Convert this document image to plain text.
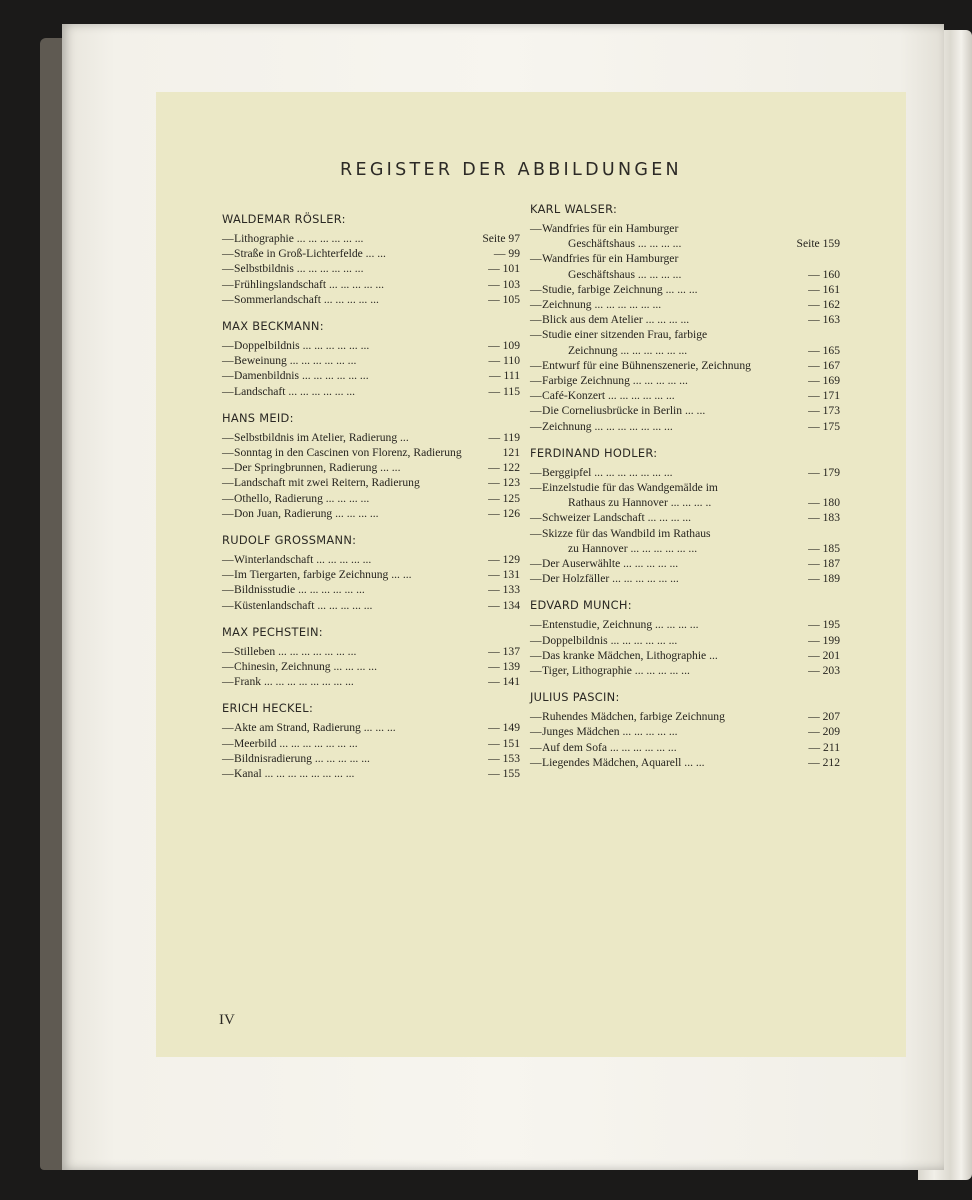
REGISTER DER ABBILDUNGEN
WALDEMAR RÖSLER:
— Lithographie ... ... ... ... ... ...	Seite 97
— Straße in Groß-Lichterfelde ... ...	— 99
— Selbstbildnis ... ... ... ... ... ...	— 101
— Frühlingslandschaft ... ... ... ... ...	— 103
— Sommerlandschaft ... ... ... ... ...	— 105
MAX BECKMANN:
— Doppelbildnis ... ... ... ... ... ...	— 109
— Beweinung ... ... ... ... ... ...	— 110
— Damenbildnis ... ... ... ... ... ...	— 111
— Landschaft ... ... ... ... ... ...	— 115
HANS MEID:
— Selbstbildnis im Atelier, Radierung ...	— 119
— Sonntag in den Cascinen von Florenz, Radierung	121
— Der Springbrunnen, Radierung ... ...	— 122
— Landschaft mit zwei Reitern, Radierung	— 123
— Othello, Radierung ... ... ... ...	— 125
— Don Juan, Radierung ... ... ... ...	— 126
RUDOLF GROSSMANN:
— Winterlandschaft ... ... ... ... ...	— 129
— Im Tiergarten, farbige Zeichnung ... ...	— 131
— Bildnisstudie ... ... ... ... ... ...	— 133
— Küstenlandschaft ... ... ... ... ...	— 134
MAX PECHSTEIN:
— Stilleben ... ... ... ... ... ... ...	— 137
— Chinesin, Zeichnung ... ... ... ...	— 139
— Frank ... ... ... ... ... ... ... ...	— 141
ERICH HECKEL:
— Akte am Strand, Radierung ... ... ...	— 149
— Meerbild ... ... ... ... ... ... ...	— 151
— Bildnisradierung ... ... ... ... ...	— 153
— Kanal ... ... ... ... ... ... ... ...	— 155
KARL WALSER:
— Wandfries für ein Hamburger
Geschäftshaus ... ... ... ...	Seite 159
— Wandfries für ein Hamburger
Geschäftshaus ... ... ... ...	— 160
— Studie, farbige Zeichnung ... ... ...	— 161
— Zeichnung ... ... ... ... ... ...	— 162
— Blick aus dem Atelier ... ... ... ...	— 163
— Studie einer sitzenden Frau, farbige
Zeichnung ... ... ... ... ... ...	— 165
— Entwurf für eine Bühnenszenerie, Zeichnung	— 167
— Farbige Zeichnung ... ... ... ... ...	— 169
— Café-Konzert ... ... ... ... ... ...	— 171
— Die Corneliusbrücke in Berlin ... ...	— 173
— Zeichnung ... ... ... ... ... ... ...	— 175
FERDINAND HODLER:
— Berggipfel ... ... ... ... ... ... ...	— 179
— Einzelstudie für das Wandgemälde im
Rathaus zu Hannover ... ... ... ..	— 180
— Schweizer Landschaft ... ... ... ...	— 183
— Skizze für das Wandbild im Rathaus
zu Hannover ... ... ... ... ... ...	— 185
— Der Auserwählte ... ... ... ... ...	— 187
— Der Holzfäller ... ... ... ... ... ...	— 189
EDVARD MUNCH:
— Entenstudie, Zeichnung ... ... ... ...	— 195
— Doppelbildnis ... ... ... ... ... ...	— 199
— Das kranke Mädchen, Lithographie ...	— 201
— Tiger, Lithographie ... ... ... ... ...	— 203
JULIUS PASCIN:
— Ruhendes Mädchen, farbige Zeichnung	— 207
— Junges Mädchen ... ... ... ... ...	— 209
— Auf dem Sofa ... ... ... ... ... ...	— 211
— Liegendes Mädchen, Aquarell ... ...	— 212
IV
